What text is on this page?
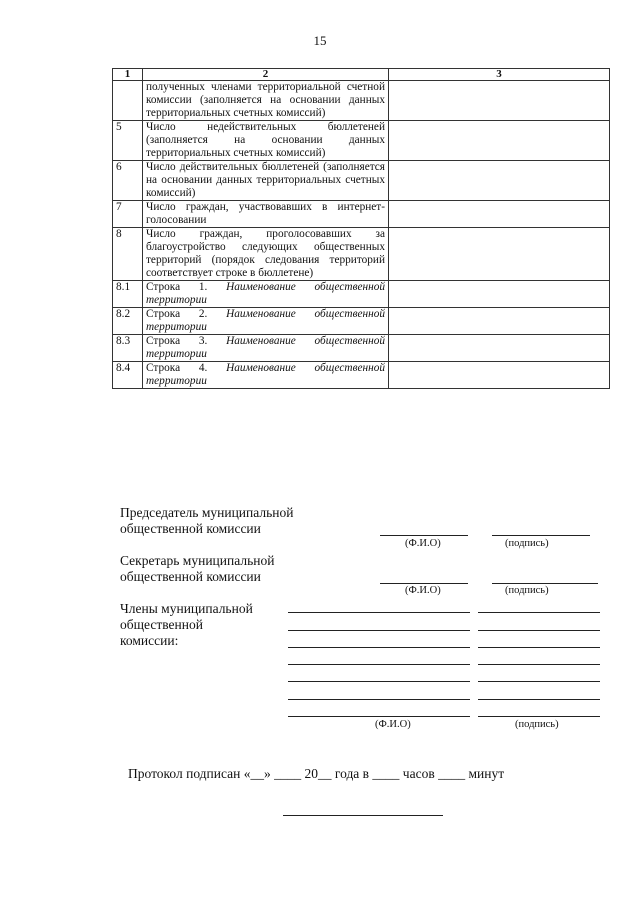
15
1	2	3
	полученных членами территориальной счетной комиссии (заполняется на основании данных территориальных счетных комиссий)	
5	Число недействительных бюллетеней (заполняется на основании данных территориальных счетных комиссий)	
6	Число действительных бюллетеней (заполняется на основании данных территориальных счетных комиссий)	
7	Число граждан, участвовавших в интернет-голосовании	
8	Число граждан, проголосовавших за благоустройство следующих общественных территорий (порядок следования территорий соответствует строке в бюллетене)	
8.1	Строка 1. Наименование общественной территории	
8.2	Строка 2. Наименование общественной территории	
8.3	Строка 3. Наименование общественной территории	
8.4	Строка 4. Наименование общественной территории	
Председатель муниципальной
общественной комиссии
(Ф.И.О)	(подпись)
Секретарь муниципальной
общественной комиссии
(Ф.И.О)	(подпись)
Члены муниципальной
общественной
комиссии:
(Ф.И.О)	(подпись)
Протокол подписан «__» ____ 20__ года в ____ часов ____ минут
